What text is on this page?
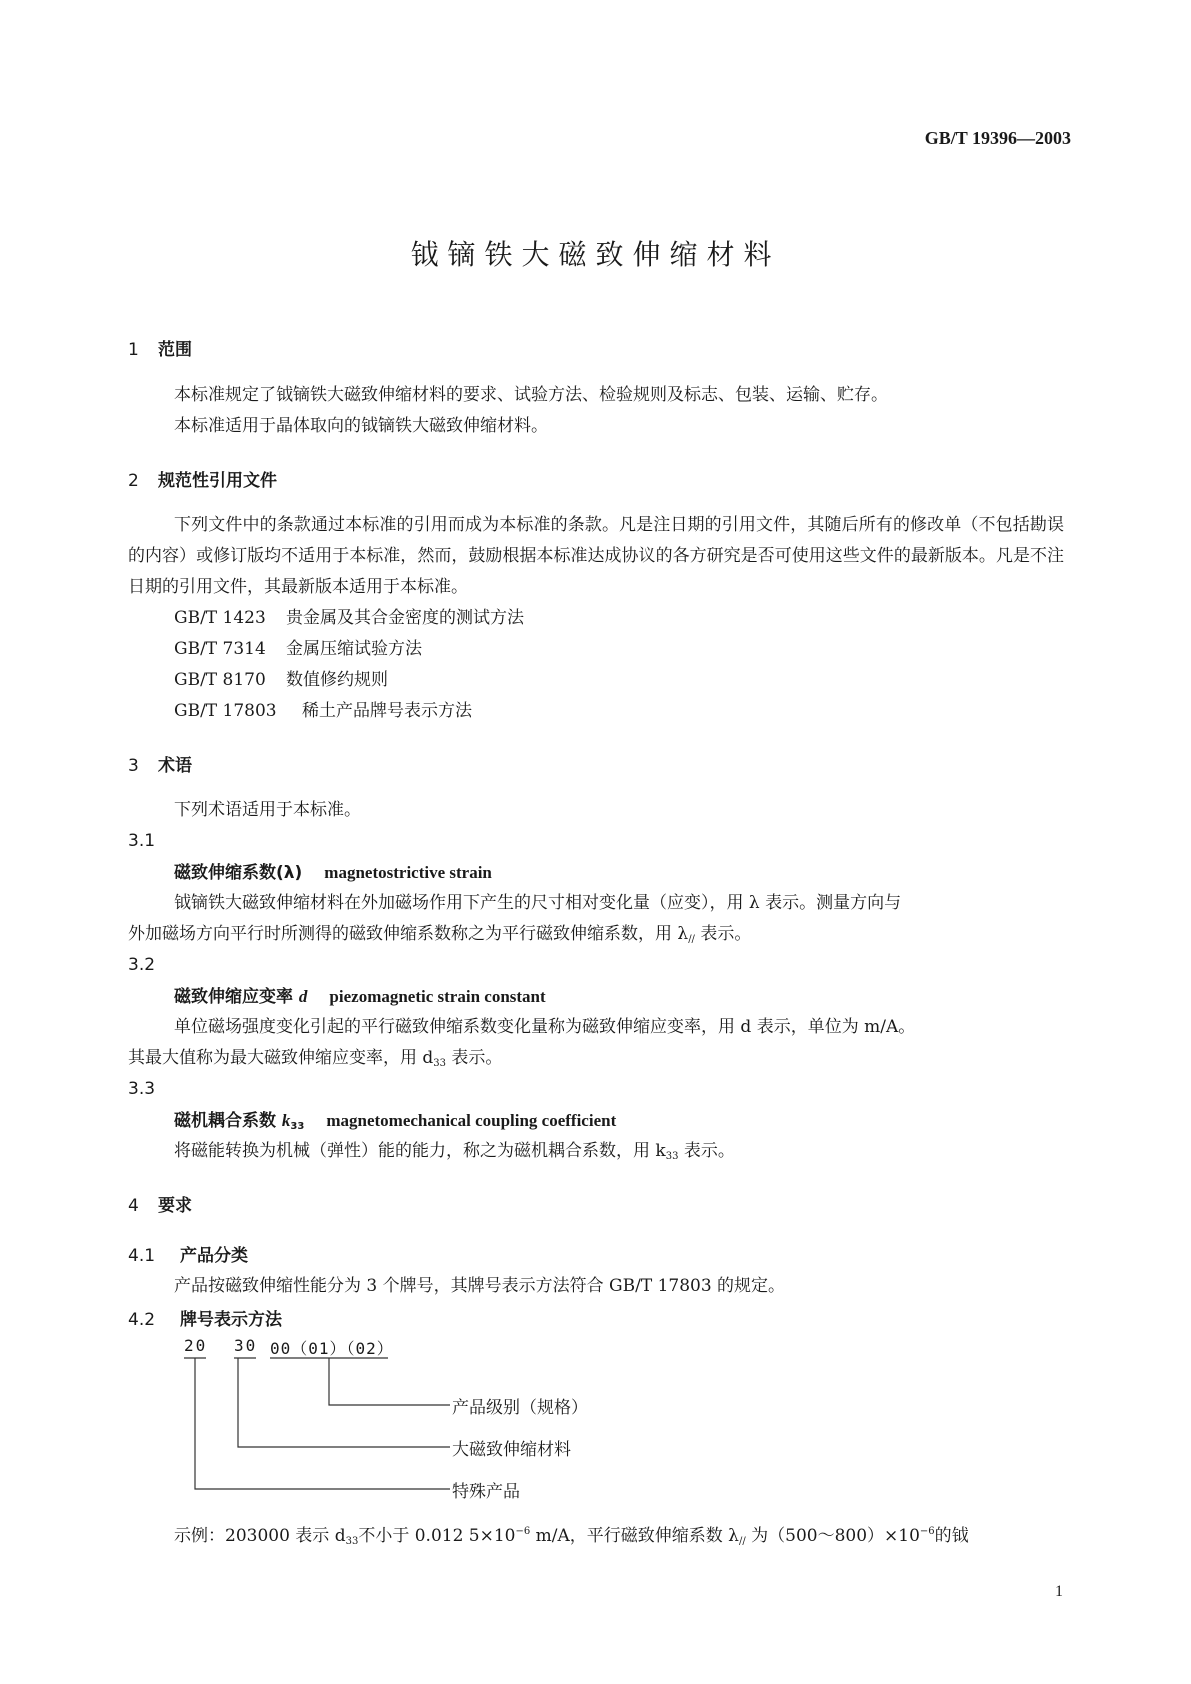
GB/T 19396—2003
钺镝铁大磁致伸缩材料
1 范围
本标准规定了钺镝铁大磁致伸缩材料的要求、试验方法、检验规则及标志、包装、运输、贮存。
本标准适用于晶体取向的钺镝铁大磁致伸缩材料。
2 规范性引用文件
下列文件中的条款通过本标准的引用而成为本标准的条款。凡是注日期的引用文件，其随后所有的修改单（不包括勘误的内容）或修订版均不适用于本标准，然而，鼓励根据本标准达成协议的各方研究是否可使用这些文件的最新版本。凡是不注日期的引用文件，其最新版本适用于本标准。
GB/T 1423 贵金属及其合金密度的测试方法
GB/T 7314 金属压缩试验方法
GB/T 8170 数值修约规则
GB/T 17803 稀土产品牌号表示方法
3 术语
下列术语适用于本标准。
3.1
磁致伸缩系数(λ) magnetostrictive strain
钺镝铁大磁致伸缩材料在外加磁场作用下产生的尺寸相对变化量（应变），用 λ 表示。测量方向与
外加磁场方向平行时所测得的磁致伸缩系数称之为平行磁致伸缩系数，用 $\lambda_{//}$ 表示。
3.2
磁致伸缩应变率 d piezomagnetic strain constant
单位磁场强度变化引起的平行磁致伸缩系数变化量称为磁致伸缩应变率，用 d 表示，单位为 m/A。
其最大值称为最大磁致伸缩应变率，用 $d_{33}$ 表示。
3.3
磁机耦合系数 $k_{33}$ magnetomechanical coupling coefficient
将磁能转换为机械（弹性）能的能力，称之为磁机耦合系数，用 $k_{33}$ 表示。
4 要求
4.1 产品分类
产品按磁致伸缩性能分为 3 个牌号，其牌号表示方法符合 GB/T 17803 的规定。
4.2 牌号表示方法
20 30 00（01）（02）
产品级别（规格）
大磁致伸缩材料
特殊产品
示例：203000 表示 $d_{33}$不小于 0.012 $5\times 10^{-6}$ m/A，平行磁致伸缩系数 $\lambda_{//}$ 为$(500\sim 800)\times 10^{-6}$的钺
1
